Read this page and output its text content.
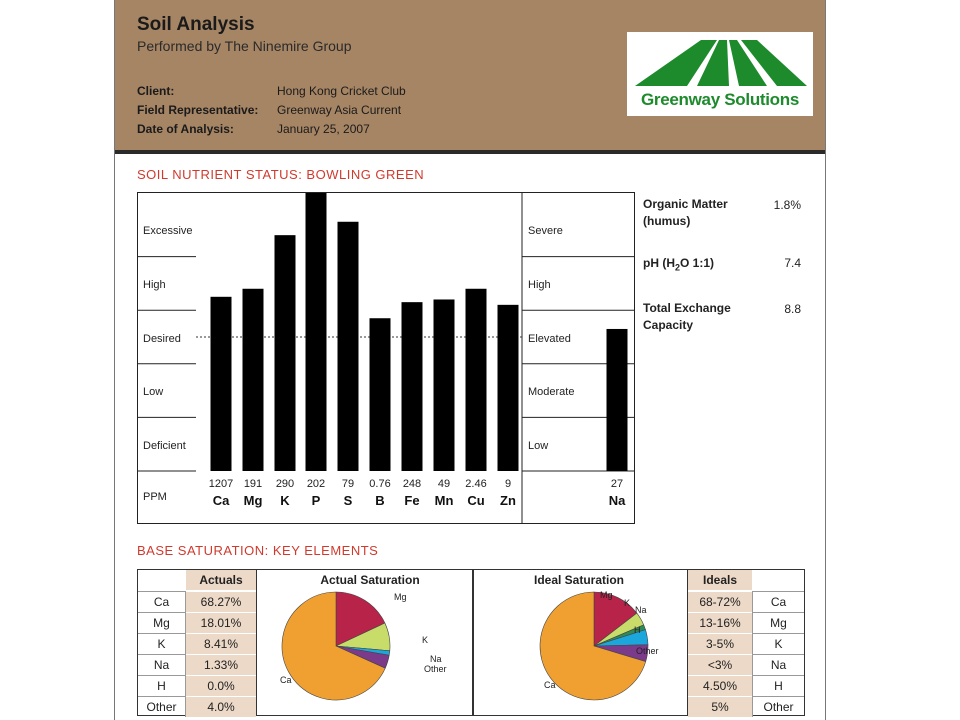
Soil Analysis
Performed by The Ninemire Group
Client:	Hong Kong Cricket Club
Field Representative: Greenway Asia Current
Date of Analysis:	January 25, 2007
Greenway Solutions
SOIL NUTRIENT STATUS: BOWLING GREEN
Excessive
High
Desired
Low
Deficient
Severe
High
Elevated
Moderate
Low
PPM
1207
Ca
191
Mg
290
K
202
P
79
S
0.76
B
248
Fe
49
Mn
2.46
Cu
9
Zn
27
Na
Organic Matter
(humus)
1.8%
pH ($H_2O$ 1:1)	7.4
Total Exchange
Capacity
8.8
BASE SATURATION: KEY ELEMENTS
Actuals
Ca	68.27%
Mg	18.01%
K	8.41%
Na	1.33%
H	0.0%
Other	4.0%
Actual Saturation
Ca
Mg
K
Na
Other
Ideal Saturation
Ca
Mg
K
Na
H
Other
Ideals
68-72%	Ca
13-16%	Mg
3-5%	K
<3%	Na
4.50%	H
5%	Other
